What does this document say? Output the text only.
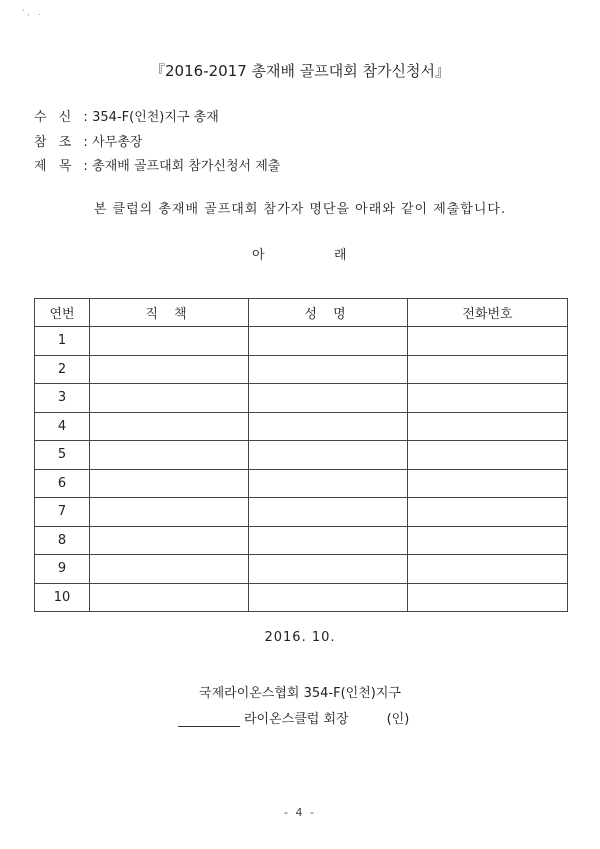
', .
『2016-2017 총재배 골프대회 참가신청서』
수 신 : 354-F(인천)지구 총재
참 조 : 사무총장
제 목 : 총재배 골프대회 참가신청서 제출
본 클럽의 총재배 골프대회 참가자 명단을 아래와 같이 제출합니다.
아	래
연번	직 책	성 명	전화번호
1			
2			
3			
4			
5			
6			
7			
8			
9			
10			
2016. 10.
국제라이온스협회 354-F(인천)지구
라이온스클럽 회장	(인)
- 4 -
